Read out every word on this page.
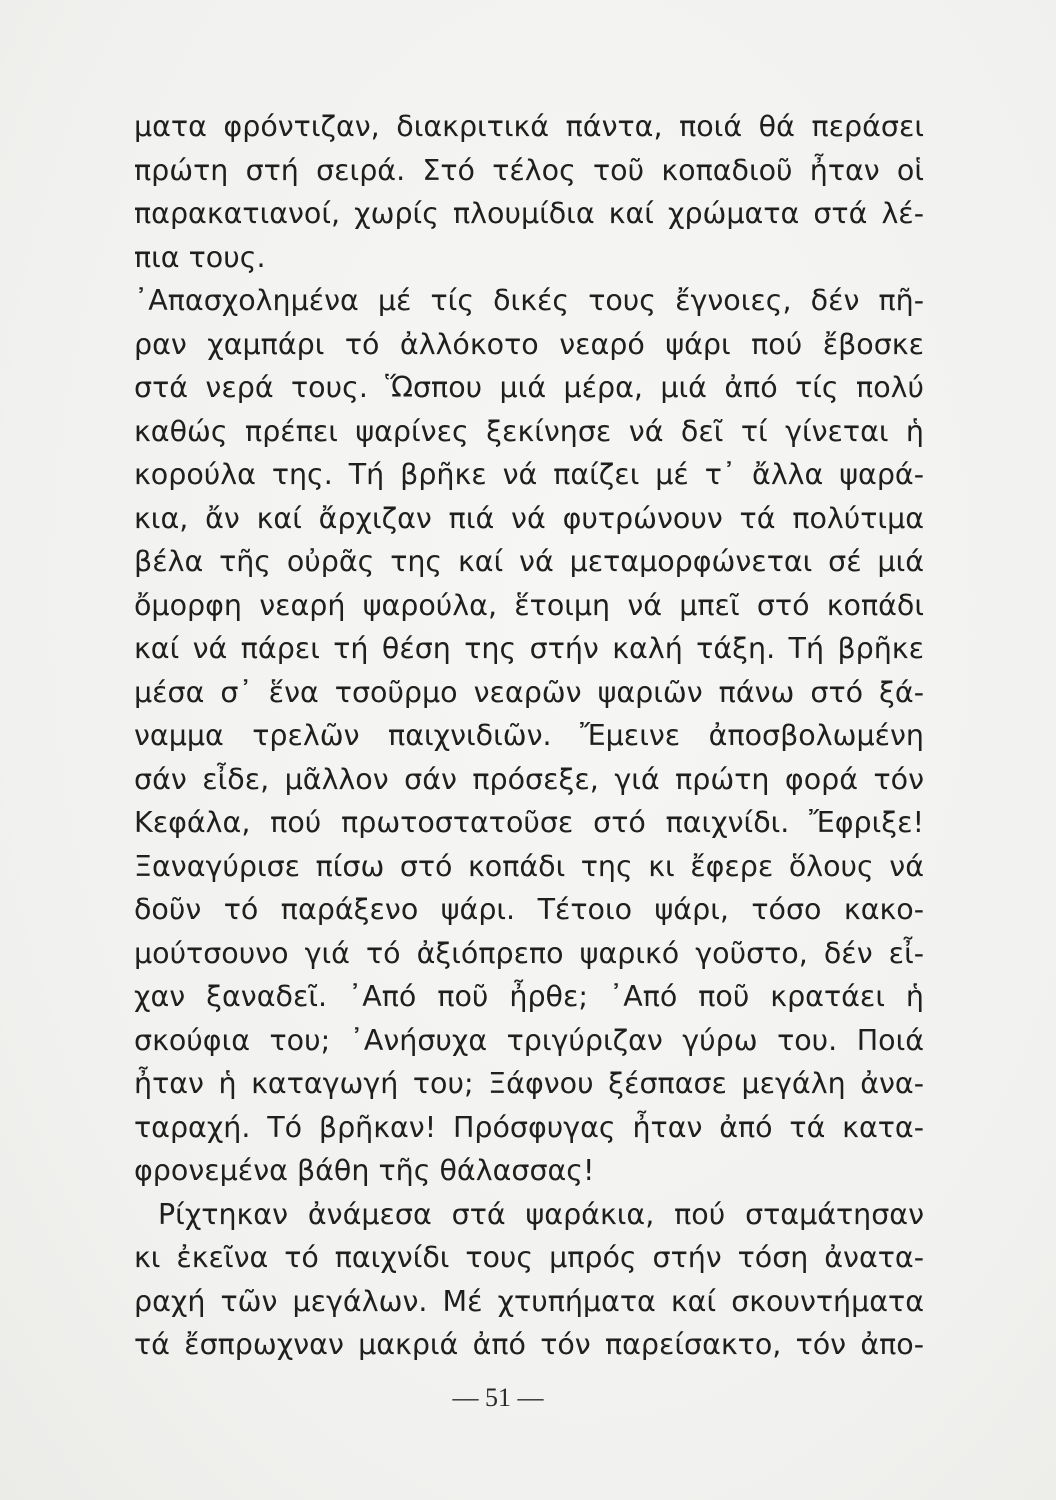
ματα φρόντιζαν, διακριτικά πάντα, ποιά θά περάσει
πρώτη στή σειρά. Στό τέλος τοῦ κοπαδιοῦ ἦταν οἱ
παρακατιανοί, χωρίς πλουμίδια καί χρώματα στά λέ-
πια τους.
᾿Απασχολημένα μέ τίς δικές τους ἔγνοιες, δέν πῆ-
ραν χαμπάρι τό ἀλλόκοτο νεαρό ψάρι πού ἔβοσκε
στά νερά τους. Ὥσπου μιά μέρα, μιά ἀπό τίς πολύ
καθώς πρέπει ψαρίνες ξεκίνησε νά δεῖ τί γίνεται ἡ
κορούλα της. Τή βρῆκε νά παίζει μέ τ᾿ ἄλλα ψαρά-
κια, ἄν καί ἄρχιζαν πιά νά φυτρώνουν τά πολύτιμα
βέλα τῆς οὐρᾶς της καί νά μεταμορφώνεται σέ μιά
ὄμορφη νεαρή ψαρούλα, ἕτοιμη νά μπεῖ στό κοπάδι
καί νά πάρει τή θέση της στήν καλή τάξη. Τή βρῆκε
μέσα σ᾿ ἕνα τσοῦρμο νεαρῶν ψαριῶν πάνω στό ξά-
ναμμα τρελῶν παιχνιδιῶν. Ἔμεινε ἀποσβολωμένη
σάν εἶδε, μᾶλλον σάν πρόσεξε, γιά πρώτη φορά τόν
Κεφάλα, πού πρωτοστατοῦσε στό παιχνίδι. Ἔφριξε!
Ξαναγύρισε πίσω στό κοπάδι της κι ἔφερε ὅλους νά
δοῦν τό παράξενο ψάρι. Τέτοιο ψάρι, τόσο κακο-
μούτσουνο γιά τό ἀξιόπρεπο ψαρικό γοῦστο, δέν εἶ-
χαν ξαναδεῖ. ᾿Από ποῦ ἦρθε; ᾿Από ποῦ κρατάει ἡ
σκούφια του; ᾿Ανήσυχα τριγύριζαν γύρω του. Ποιά
ἦταν ἡ καταγωγή του; Ξάφνου ξέσπασε μεγάλη ἀνα-
ταραχή. Τό βρῆκαν! Πρόσφυγας ἦταν ἀπό τά κατα-
φρονεμένα βάθη τῆς θάλασσας!
Ρίχτηκαν ἀνάμεσα στά ψαράκια, πού σταμάτησαν
κι ἐκεῖνα τό παιχνίδι τους μπρός στήν τόση ἀνατα-
ραχή τῶν μεγάλων. Μέ χτυπήματα καί σκουντήματα
τά ἔσπρωχναν μακριά ἀπό τόν παρείσακτο, τόν ἀπο-
— 51 —
